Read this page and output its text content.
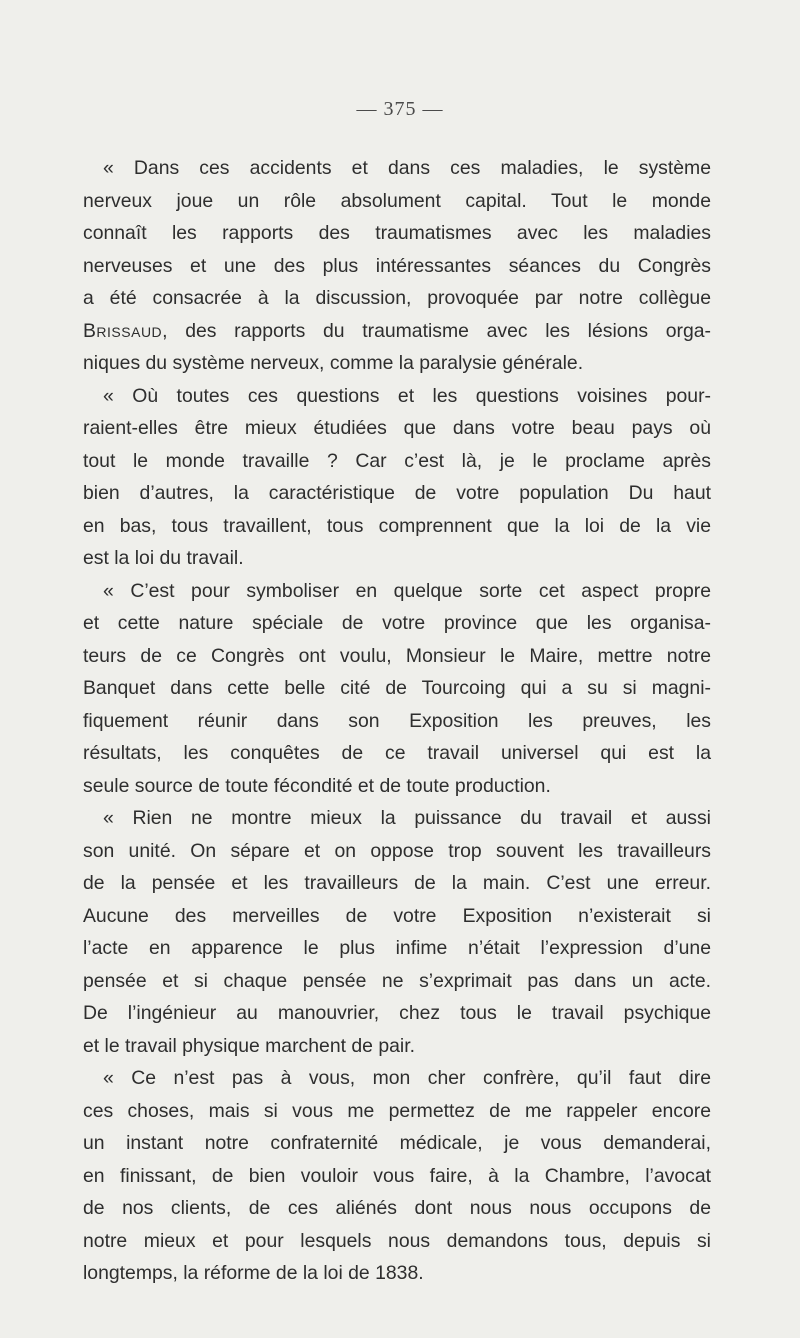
— 375 —
« Dans ces accidents et dans ces maladies, le système
nerveux joue un rôle absolument capital. Tout le monde
connaît les rapports des traumatismes avec les maladies
nerveuses et une des plus intéressantes séances du Congrès
a été consacrée à la discussion, provoquée par notre collègue
Brissaud, des rapports du traumatisme avec les lésions orga-
niques du système nerveux, comme la paralysie générale.
« Où toutes ces questions et les questions voisines pour-
raient-elles être mieux étudiées que dans votre beau pays où
tout le monde travaille ? Car c’est là, je le proclame après
bien d’autres, la caractéristique de votre population Du haut
en bas, tous travaillent, tous comprennent que la loi de la vie
est la loi du travail.
« C’est pour symboliser en quelque sorte cet aspect propre
et cette nature spéciale de votre province que les organisa-
teurs de ce Congrès ont voulu, Monsieur le Maire, mettre notre
Banquet dans cette belle cité de Tourcoing qui a su si magni-
fiquement réunir dans son Exposition les preuves, les
résultats, les conquêtes de ce travail universel qui est la
seule source de toute fécondité et de toute production.
« Rien ne montre mieux la puissance du travail et aussi
son unité. On sépare et on oppose trop souvent les travailleurs
de la pensée et les travailleurs de la main. C’est une erreur.
Aucune des merveilles de votre Exposition n’existerait si
l’acte en apparence le plus infime n’était l’expression d’une
pensée et si chaque pensée ne s’exprimait pas dans un acte.
De l’ingénieur au manouvrier, chez tous le travail psychique
et le travail physique marchent de pair.
« Ce n’est pas à vous, mon cher confrère, qu’il faut dire
ces choses, mais si vous me permettez de me rappeler encore
un instant notre confraternité médicale, je vous demanderai,
en finissant, de bien vouloir vous faire, à la Chambre, l’avocat
de nos clients, de ces aliénés dont nous nous occupons de
notre mieux et pour lesquels nous demandons tous, depuis si
longtemps, la réforme de la loi de 1838.
